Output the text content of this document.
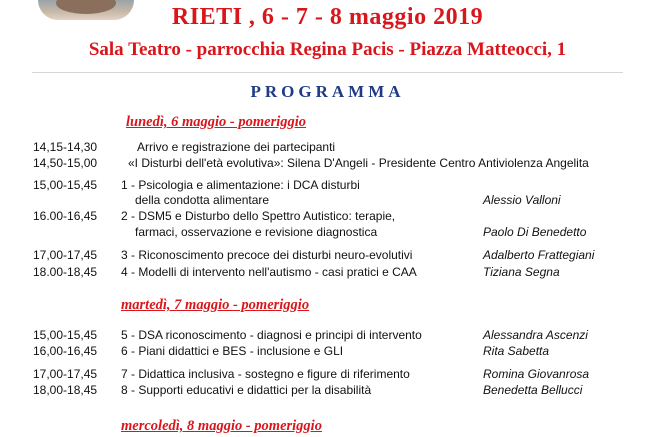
RIETI , 6 - 7 - 8 maggio 2019
Sala Teatro - parrocchia Regina Pacis - Piazza Matteocci, 1
PROGRAMMA
lunedì, 6 maggio - pomeriggio
14,15-14,30	Arrivo e registrazione dei partecipanti
14,50-15,00	«I Disturbi dell'età evolutiva»: Silena D'Angeli - Presidente Centro Antiviolenza Angelita
15,00-15,45 1 - Psicologia e alimentazione: i DCA disturbi
della condotta alimentare	Alessio Valloni
16.00-16,45 2 - DSM5 e Disturbo dello Spettro Autistico: terapie,
farmaci, osservazione e revisione diagnostica	Paolo Di Benedetto
17,00-17,45 3 - Riconoscimento precoce dei disturbi neuro-evolutivi	Adalberto Frattegiani
18.00-18,45 4 - Modelli di intervento nell'autismo - casi pratici e CAA	Tiziana Segna
martedì, 7 maggio - pomeriggio
15,00-15,45 5 - DSA riconoscimento - diagnosi e principi di intervento	Alessandra Ascenzi
16,00-16,45 6 - Piani didattici e BES - inclusione e GLI	Rita Sabetta
17,00-17,45 7 - Didattica inclusiva - sostegno e figure di riferimento	Romina Giovanrosa
18,00-18,45 8 - Supporti educativi e didattici per la disabilità	Benedetta Bellucci
mercoledì, 8 maggio - pomeriggio
